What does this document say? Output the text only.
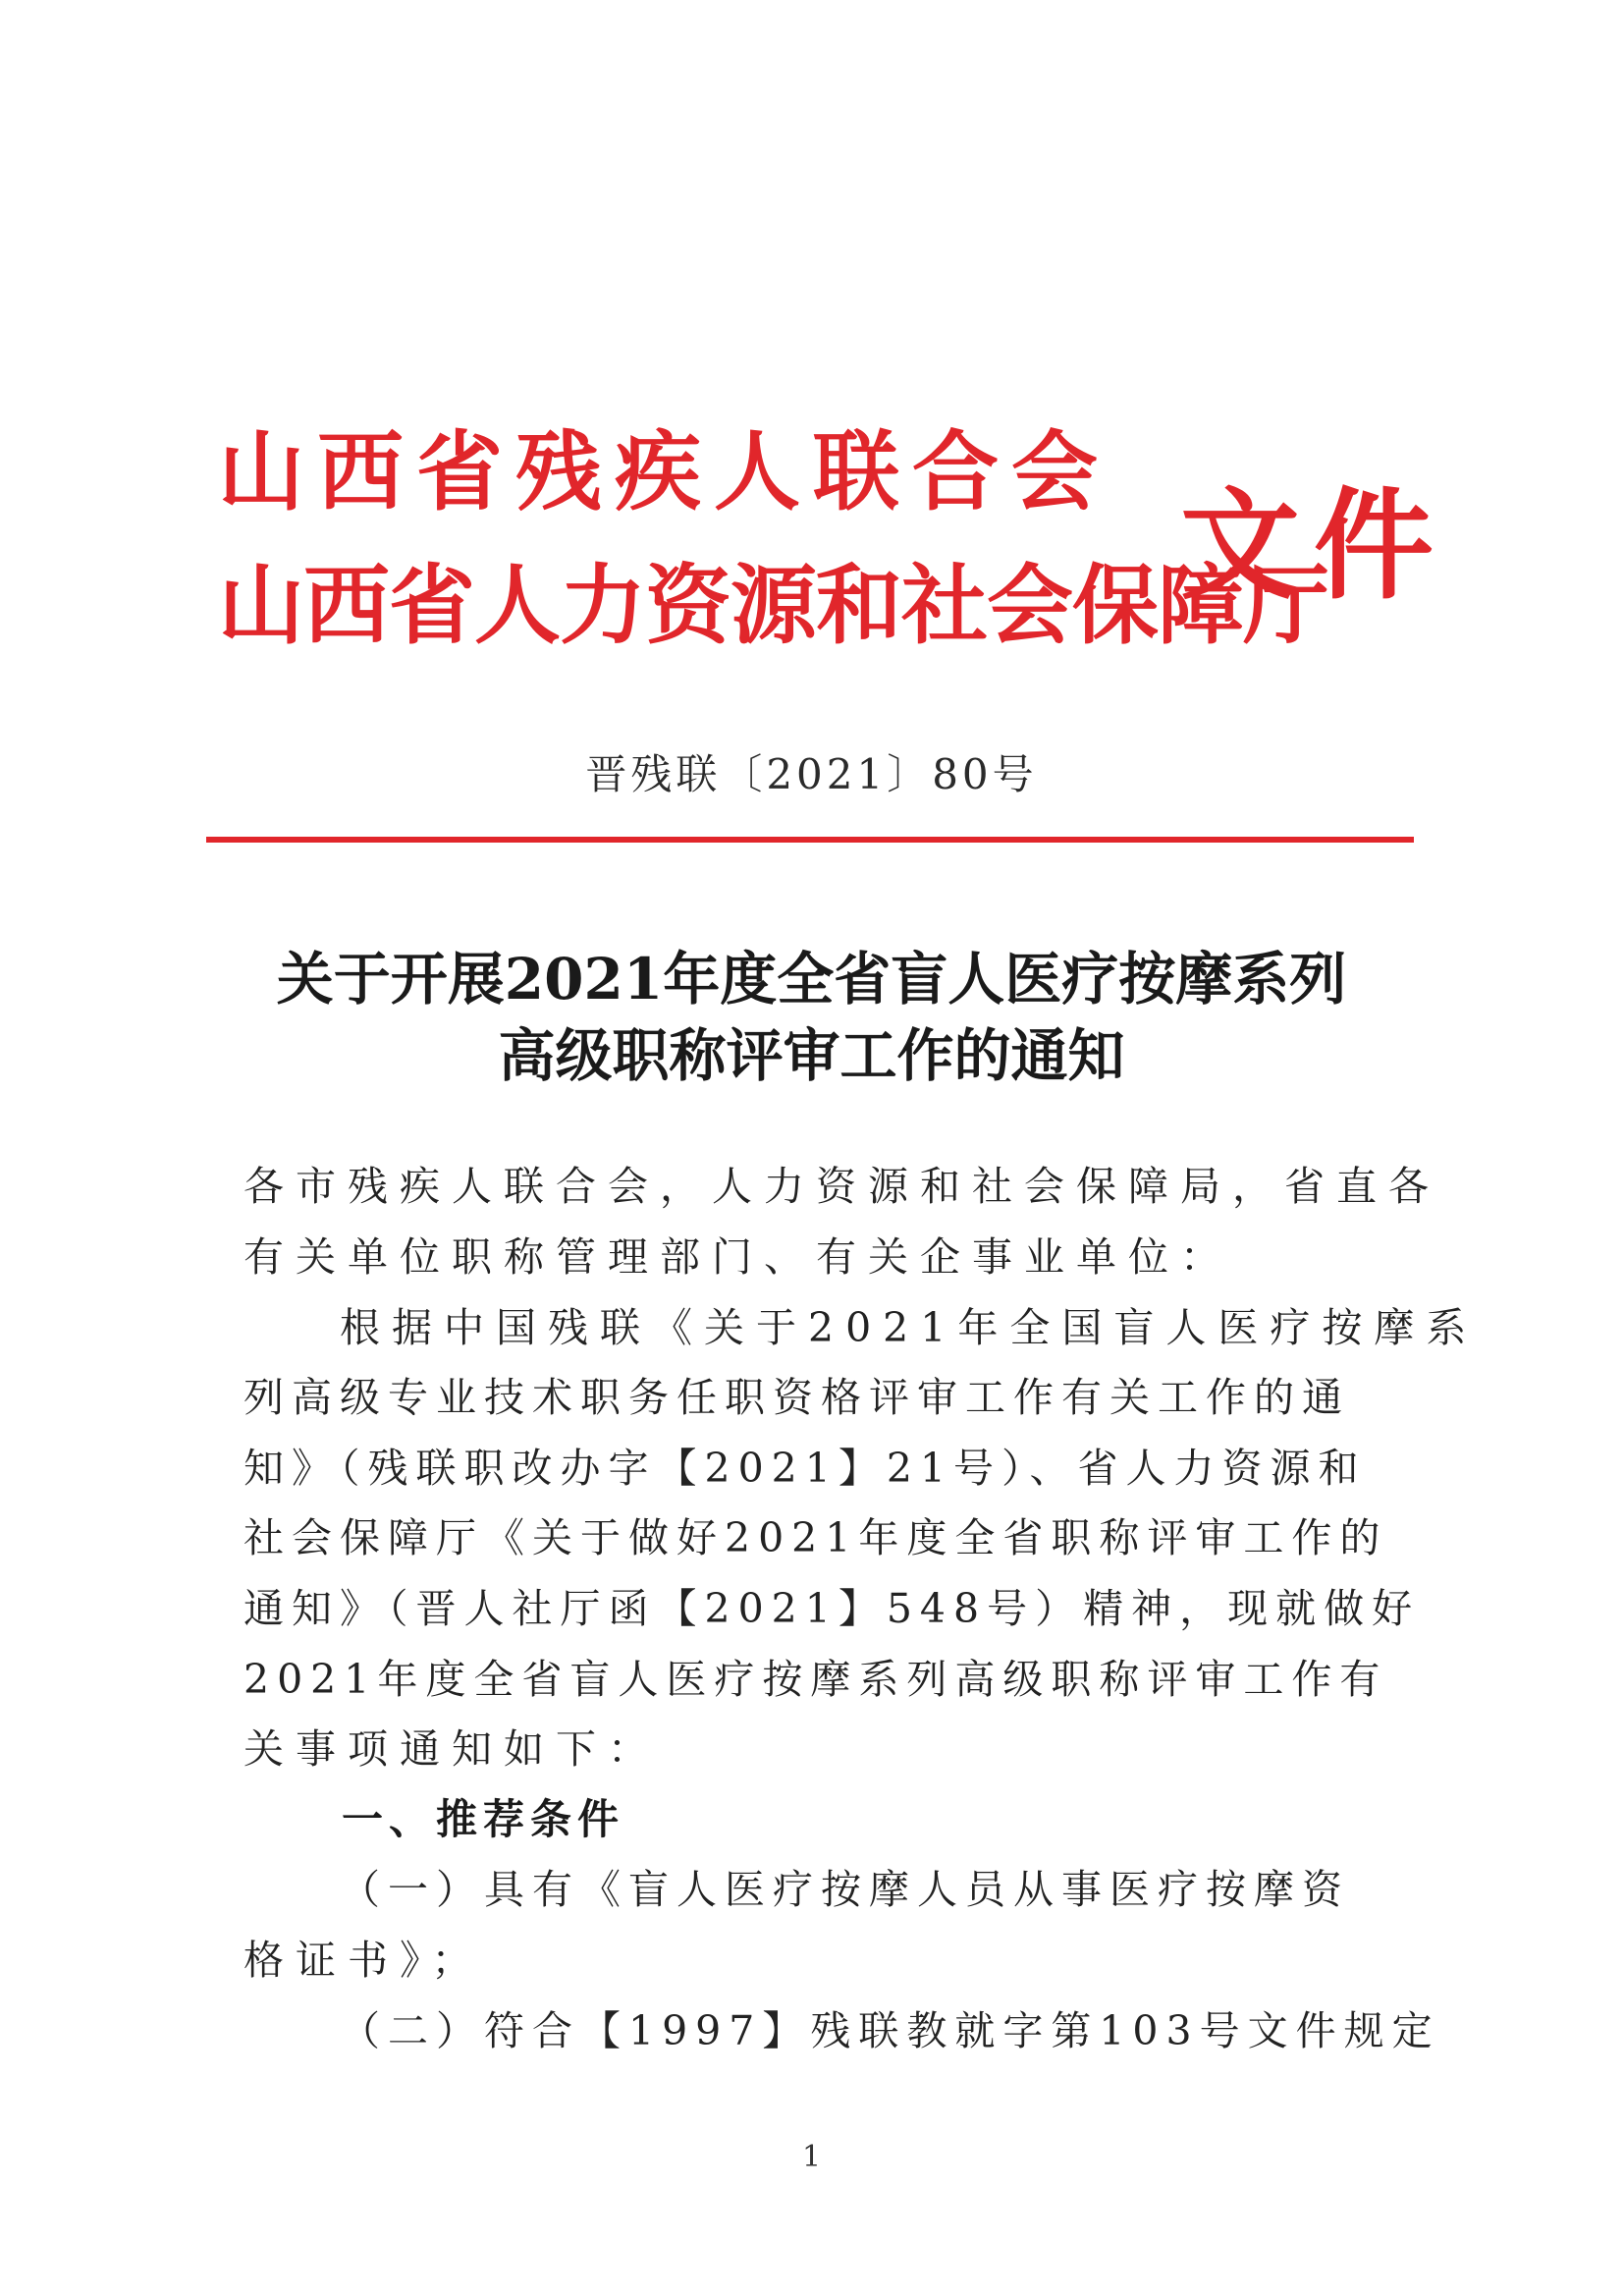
山西省残疾人联合会
山西省人力资源和社会保障厅
文件
晋残联〔2021〕80号
关于开展2021年度全省盲人医疗按摩系列
高级职称评审工作的通知
各市残疾人联合会，人力资源和社会保障局，省直各
有关单位职称管理部门、有关企事业单位：
根据中国残联《关于2021年全国盲人医疗按摩系
列高级专业技术职务任职资格评审工作有关工作的通
知》（残联职改办字【2021】21号）、省人力资源和
社会保障厅《关于做好2021年度全省职称评审工作的
通知》（晋人社厅函【2021】548号）精神，现就做好
2021年度全省盲人医疗按摩系列高级职称评审工作有
关事项通知如下：
一、推荐条件
（一）具有《盲人医疗按摩人员从事医疗按摩资
格证书》；
（二）符合【1997】残联教就字第103号文件规定
1
